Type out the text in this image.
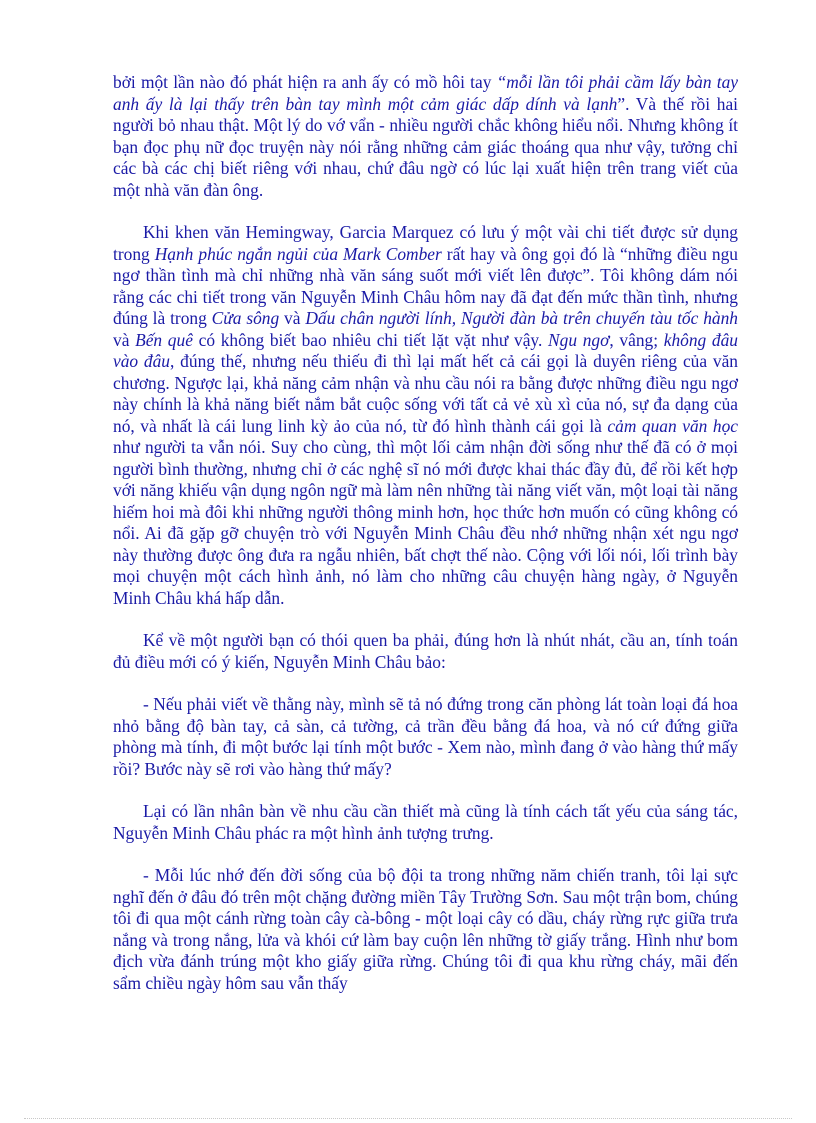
bởi một lần nào đó phát hiện ra anh ấy có mồ hôi tay “mỗi lần tôi phải cầm lấy bàn tay anh ấy là lại thấy trên bàn tay mình một cảm giác dấp dính và lạnh”. Và thế rồi hai người bỏ nhau thật. Một lý do vớ vẩn - nhiều người chắc không hiểu nổi. Nhưng không ít bạn đọc phụ nữ đọc truyện này nói rằng những cảm giác thoáng qua như vậy, tưởng chỉ các bà các chị biết riêng với nhau, chứ đâu ngờ có lúc lại xuất hiện trên trang viết của một nhà văn đàn ông.

Khi khen văn Hemingway, Garcia Marquez có lưu ý một vài chi tiết được sử dụng trong Hạnh phúc ngắn ngủi của Mark Comber rất hay và ông gọi đó là “những điều ngu ngơ thần tình mà chỉ những nhà văn sáng suốt mới viết lên được”. Tôi không dám nói rằng các chi tiết trong văn Nguyễn Minh Châu hôm nay đã đạt đến mức thần tình, nhưng đúng là trong Cửa sông và Dấu chân người lính, Người đàn bà trên chuyến tàu tốc hành và Bến quê có không biết bao nhiêu chi tiết lặt vặt như vậy. Ngu ngơ, vâng; không đâu vào đâu, đúng thế, nhưng nếu thiếu đi thì lại mất hết cả cái gọi là duyên riêng của văn chương. Ngược lại, khả năng cảm nhận và nhu cầu nói ra bằng được những điều ngu ngơ này chính là khả năng biết nắm bắt cuộc sống với tất cả vẻ xù xì của nó, sự đa dạng của nó, và nhất là cái lung linh kỳ ảo của nó, từ đó hình thành cái gọi là cảm quan văn học như người ta vẫn nói. Suy cho cùng, thì một lối cảm nhận đời sống như thế đã có ở mọi người bình thường, nhưng chỉ ở các nghệ sĩ nó mới được khai thác đầy đủ, để rồi kết hợp với năng khiếu vận dụng ngôn ngữ mà làm nên những tài năng viết văn, một loại tài năng hiếm hoi mà đôi khi những người thông minh hơn, học thức hơn muốn có cũng không có nổi. Ai đã gặp gỡ chuyện trò với Nguyễn Minh Châu đều nhớ những nhận xét ngu ngơ này thường được ông đưa ra ngẫu nhiên, bất chợt thế nào. Cộng với lối nói, lối trình bày mọi chuyện một cách hình ảnh, nó làm cho những câu chuyện hàng ngày, ở Nguyễn Minh Châu khá hấp dẫn.

Kể về một người bạn có thói quen ba phải, đúng hơn là nhút nhát, cầu an, tính toán đủ điều mới có ý kiến, Nguyễn Minh Châu bảo:

- Nếu phải viết về thằng này, mình sẽ tả nó đứng trong căn phòng lát toàn loại đá hoa nhỏ bằng độ bàn tay, cả sàn, cả tường, cả trần đều bằng đá hoa, và nó cứ đứng giữa phòng mà tính, đi một bước lại tính một bước - Xem nào, mình đang ở vào hàng thứ mấy rồi? Bước này sẽ rơi vào hàng thứ mấy?

Lại có lần nhân bàn về nhu cầu cần thiết mà cũng là tính cách tất yếu của sáng tác, Nguyễn Minh Châu phác ra một hình ảnh tượng trưng.

- Mỗi lúc nhớ đến đời sống của bộ đội ta trong những năm chiến tranh, tôi lại sực nghĩ đến ở đâu đó trên một chặng đường miền Tây Trường Sơn. Sau một trận bom, chúng tôi đi qua một cánh rừng toàn cây cà-bông - một loại cây có dầu, cháy rừng rực giữa trưa nắng và trong nắng, lửa và khói cứ làm bay cuộn lên những tờ giấy trắng. Hình như bom địch vừa đánh trúng một kho giấy giữa rừng. Chúng tôi đi qua khu rừng cháy, mãi đến sẩm chiều ngày hôm sau vẫn thấy
